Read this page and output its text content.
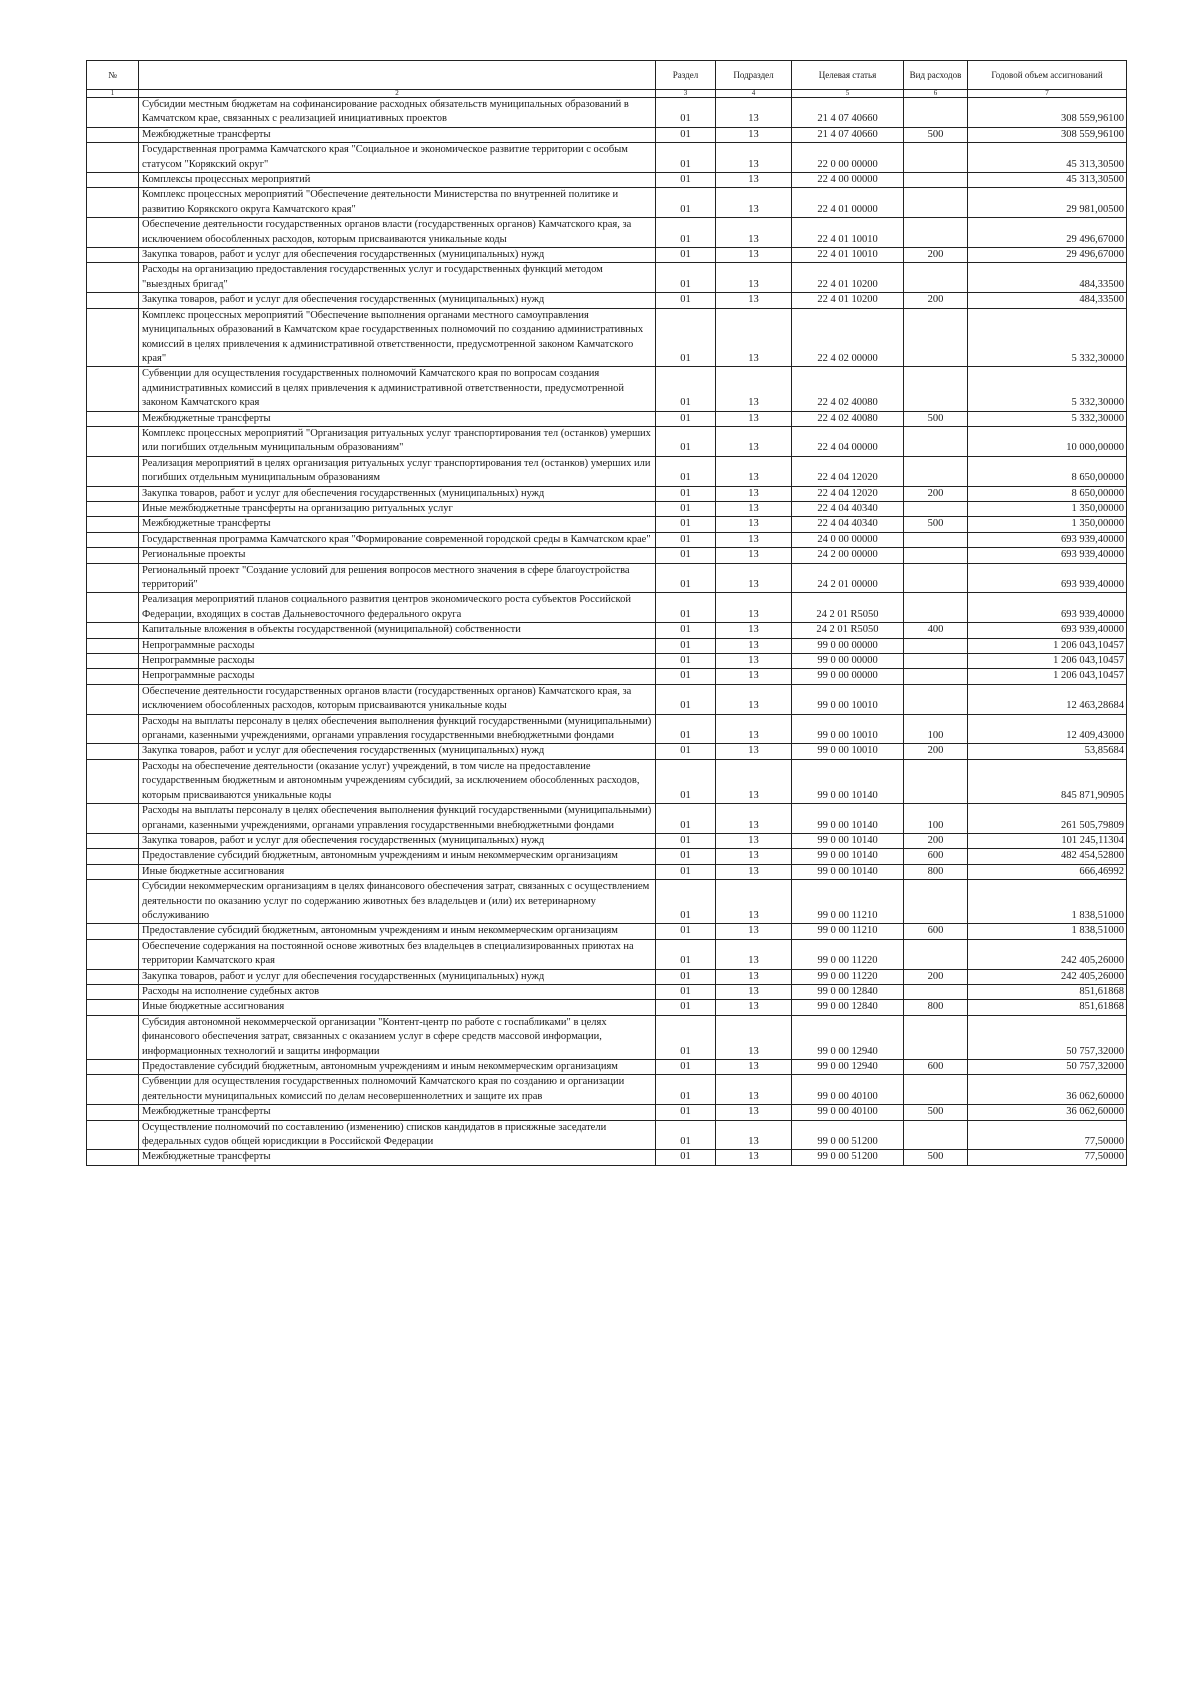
№		Раздел	Подраздел	Целевая статья	Вид расходов	Годовой объем ассигнований
1	2	3	4	5	6	7
	Субсидии местным бюджетам на софинансирование расходных обязательств муниципальных образований в Камчатском крае, связанных с реализацией инициативных проектов	01	13	21 4 07 40660		308 559,96100
	Межбюджетные трансферты	01	13	21 4 07 40660	500	308 559,96100
	Государственная программа Камчатского края "Социальное и экономическое развитие территории с особым статусом "Корякский округ"	01	13	22 0 00 00000		45 313,30500
	Комплексы процессных мероприятий	01	13	22 4 00 00000		45 313,30500
	Комплекс процессных мероприятий "Обеспечение деятельности Министерства по внутренней политике и развитию Корякского округа Камчатского края"	01	13	22 4 01 00000		29 981,00500
	Обеспечение деятельности государственных органов власти (государственных органов) Камчатского края, за исключением обособленных расходов, которым присваиваются уникальные коды	01	13	22 4 01 10010		29 496,67000
	Закупка товаров, работ и услуг для обеспечения государственных (муниципальных) нужд	01	13	22 4 01 10010	200	29 496,67000
	Расходы на организацию предоставления государственных услуг и государственных функций методом "выездных бригад"	01	13	22 4 01 10200		484,33500
	Закупка товаров, работ и услуг для обеспечения государственных (муниципальных) нужд	01	13	22 4 01 10200	200	484,33500
	Комплекс процессных мероприятий "Обеспечение выполнения органами местного самоуправления муниципальных образований в Камчатском крае государственных полномочий по созданию административных комиссий в целях привлечения к административной ответственности, предусмотренной законом Камчатского края"	01	13	22 4 02 00000		5 332,30000
	Субвенции для осуществления государственных полномочий Камчатского края по вопросам создания административных комиссий в целях привлечения к административной ответственности, предусмотренной законом Камчатского края	01	13	22 4 02 40080		5 332,30000
	Межбюджетные трансферты	01	13	22 4 02 40080	500	5 332,30000
	Комплекс процессных мероприятий "Организация ритуальных услуг транспортирования тел (останков) умерших или погибших отдельным муниципальным образованиям"	01	13	22 4 04 00000		10 000,00000
	Реализация мероприятий в целях организация ритуальных услуг транспортирования тел (останков) умерших или погибших отдельным муниципальным образованиям	01	13	22 4 04 12020		8 650,00000
	Закупка товаров, работ и услуг для обеспечения государственных (муниципальных) нужд	01	13	22 4 04 12020	200	8 650,00000
	Иные межбюджетные трансферты на организацию ритуальных услуг	01	13	22 4 04 40340		1 350,00000
	Межбюджетные трансферты	01	13	22 4 04 40340	500	1 350,00000
	Государственная программа Камчатского края "Формирование современной городской среды в Камчатском крае"	01	13	24 0 00 00000		693 939,40000
	Региональные проекты	01	13	24 2 00 00000		693 939,40000
	Региональный проект "Создание условий для решения вопросов местного значения в сфере благоустройства территорий"	01	13	24 2 01 00000		693 939,40000
	Реализация мероприятий планов социального развития центров экономического роста субъектов Российской Федерации, входящих в состав Дальневосточного федерального округа	01	13	24 2 01 R5050		693 939,40000
	Капитальные вложения в объекты государственной (муниципальной) собственности	01	13	24 2 01 R5050	400	693 939,40000
	Непрограммные расходы	01	13	99 0 00 00000		1 206 043,10457
	Непрограммные расходы	01	13	99 0 00 00000		1 206 043,10457
	Непрограммные расходы	01	13	99 0 00 00000		1 206 043,10457
	Обеспечение деятельности государственных органов власти (государственных органов) Камчатского края, за исключением обособленных расходов, которым присваиваются уникальные коды	01	13	99 0 00 10010		12 463,28684
	Расходы на выплаты персоналу в целях обеспечения выполнения функций государственными (муниципальными) органами, казенными учреждениями, органами управления государственными внебюджетными фондами	01	13	99 0 00 10010	100	12 409,43000
	Закупка товаров, работ и услуг для обеспечения государственных (муниципальных) нужд	01	13	99 0 00 10010	200	53,85684
	Расходы на обеспечение деятельности (оказание услуг) учреждений, в том числе на предоставление государственным бюджетным и автономным учреждениям субсидий, за исключением обособленных расходов, которым присваиваются уникальные коды	01	13	99 0 00 10140		845 871,90905
	Расходы на выплаты персоналу в целях обеспечения выполнения функций государственными (муниципальными) органами, казенными учреждениями, органами управления государственными внебюджетными фондами	01	13	99 0 00 10140	100	261 505,79809
	Закупка товаров, работ и услуг для обеспечения государственных (муниципальных) нужд	01	13	99 0 00 10140	200	101 245,11304
	Предоставление субсидий бюджетным, автономным учреждениям и иным некоммерческим организациям	01	13	99 0 00 10140	600	482 454,52800
	Иные бюджетные ассигнования	01	13	99 0 00 10140	800	666,46992
	Субсидии некоммерческим организациям в целях финансового обеспечения затрат, связанных с осуществлением деятельности по оказанию услуг по содержанию животных без владельцев и (или) их ветеринарному обслуживанию	01	13	99 0 00 11210		1 838,51000
	Предоставление субсидий бюджетным, автономным учреждениям и иным некоммерческим организациям	01	13	99 0 00 11210	600	1 838,51000
	Обеспечение содержания на постоянной основе животных без владельцев в специализированных приютах на территории Камчатского края	01	13	99 0 00 11220		242 405,26000
	Закупка товаров, работ и услуг для обеспечения государственных (муниципальных) нужд	01	13	99 0 00 11220	200	242 405,26000
	Расходы на исполнение судебных актов	01	13	99 0 00 12840		851,61868
	Иные бюджетные ассигнования	01	13	99 0 00 12840	800	851,61868
	Субсидия автономной некоммерческой организации "Контент-центр по работе с госпабликами" в целях финансового обеспечения затрат, связанных с оказанием услуг в сфере средств массовой информации, информационных технологий и защиты информации	01	13	99 0 00 12940		50 757,32000
	Предоставление субсидий бюджетным, автономным учреждениям и иным некоммерческим организациям	01	13	99 0 00 12940	600	50 757,32000
	Субвенции для осуществления государственных полномочий Камчатского края по созданию и организации деятельности муниципальных комиссий по делам несовершеннолетних и защите их прав	01	13	99 0 00 40100		36 062,60000
	Межбюджетные трансферты	01	13	99 0 00 40100	500	36 062,60000
	Осуществление полномочий по составлению (изменению) списков кандидатов в присяжные заседатели федеральных судов общей юрисдикции в Российской Федерации	01	13	99 0 00 51200		77,50000
	Межбюджетные трансферты	01	13	99 0 00 51200	500	77,50000
